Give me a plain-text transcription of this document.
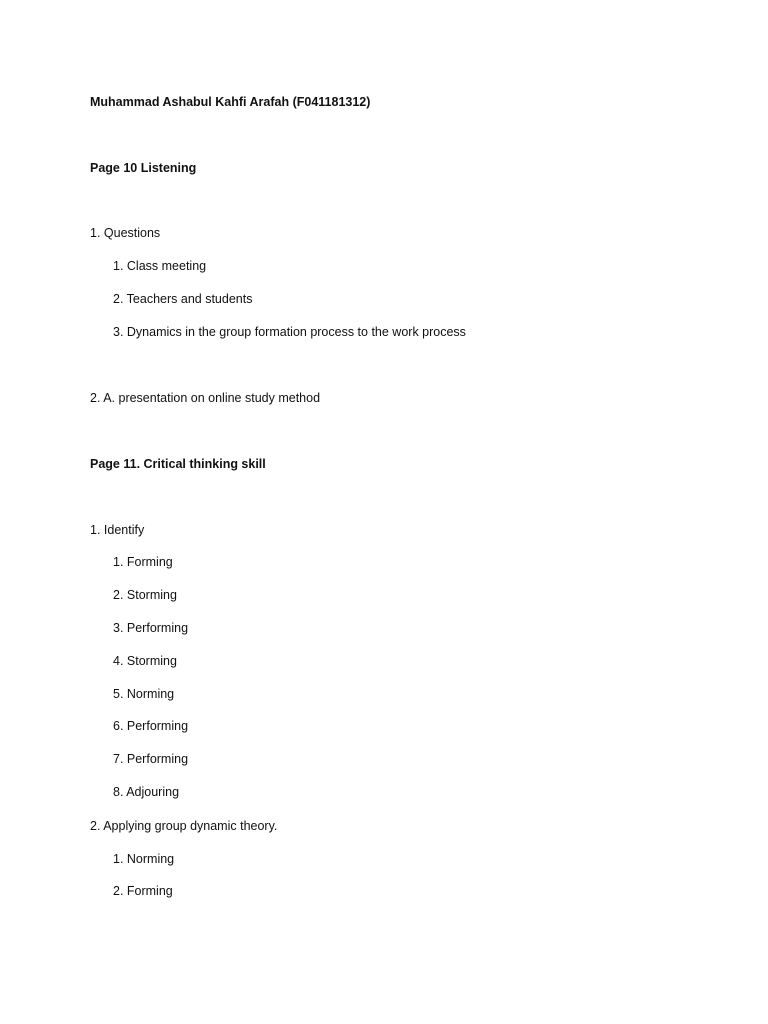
Muhammad Ashabul Kahfi Arafah (F041181312)
Page 10 Listening
1. Questions
1. Class meeting
2. Teachers and students
3. Dynamics in the group formation process to the work process
2. A. presentation on online study method
Page 11. Critical thinking skill
1. Identify
1. Forming
2. Storming
3. Performing
4. Storming
5. Norming
6. Performing
7. Performing
8. Adjouring
2. Applying group dynamic theory.
1. Norming
2. Forming
